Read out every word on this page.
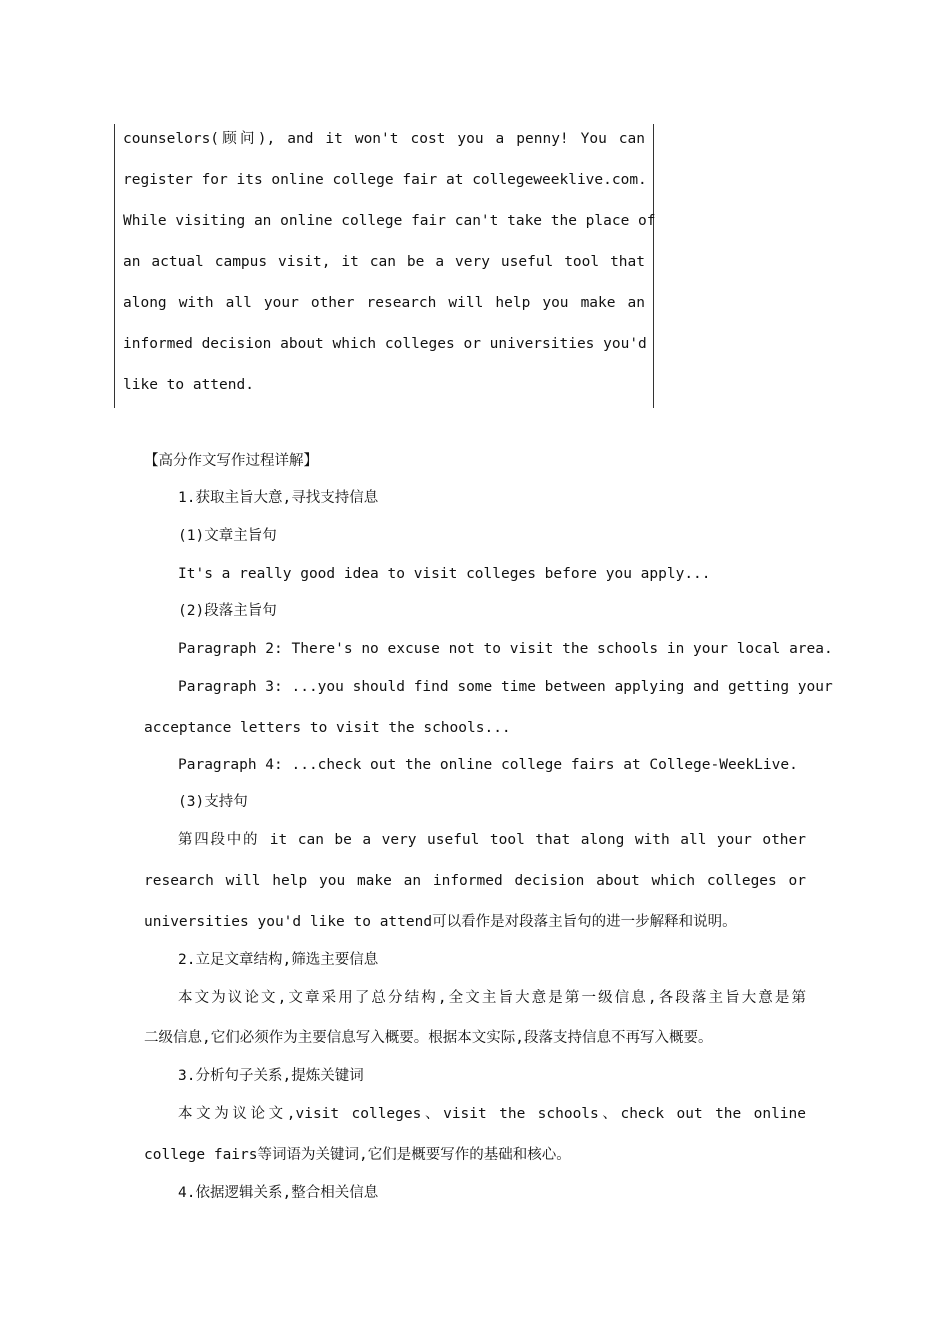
counselors(顾问), and it won't cost you a penny! You can
register for its online college fair at collegeweeklive.com.
While visiting an online college fair can't take the place of
an actual campus visit, it can be a very useful tool that
along with all your other research will help you make an
informed decision about which colleges or universities you'd
like to attend.
【高分作文写作过程详解】
1.获取主旨大意,寻找支持信息
(1)文章主旨句
It's a really good idea to visit colleges before you apply...
(2)段落主旨句
Paragraph 2: There's no excuse not to visit the schools in your local area.
Paragraph 3: ...you should find some time between applying and getting your
acceptance letters to visit the schools...
Paragraph 4: ...check out the online college fairs at College-WeekLive.
(3)支持句
第四段中的 it can be a very useful tool that along with all your other
research will help you make an informed decision about which colleges or
universities you'd like to attend可以看作是对段落主旨句的进一步解释和说明。
2.立足文章结构,筛选主要信息
本文为议论文,文章采用了总分结构,全文主旨大意是第一级信息,各段落主旨大意是第
二级信息,它们必须作为主要信息写入概要。根据本文实际,段落支持信息不再写入概要。
3.分析句子关系,提炼关键词
本文为议论文,visit colleges、visit the schools、check out the online
college fairs等词语为关键词,它们是概要写作的基础和核心。
4.依据逻辑关系,整合相关信息
